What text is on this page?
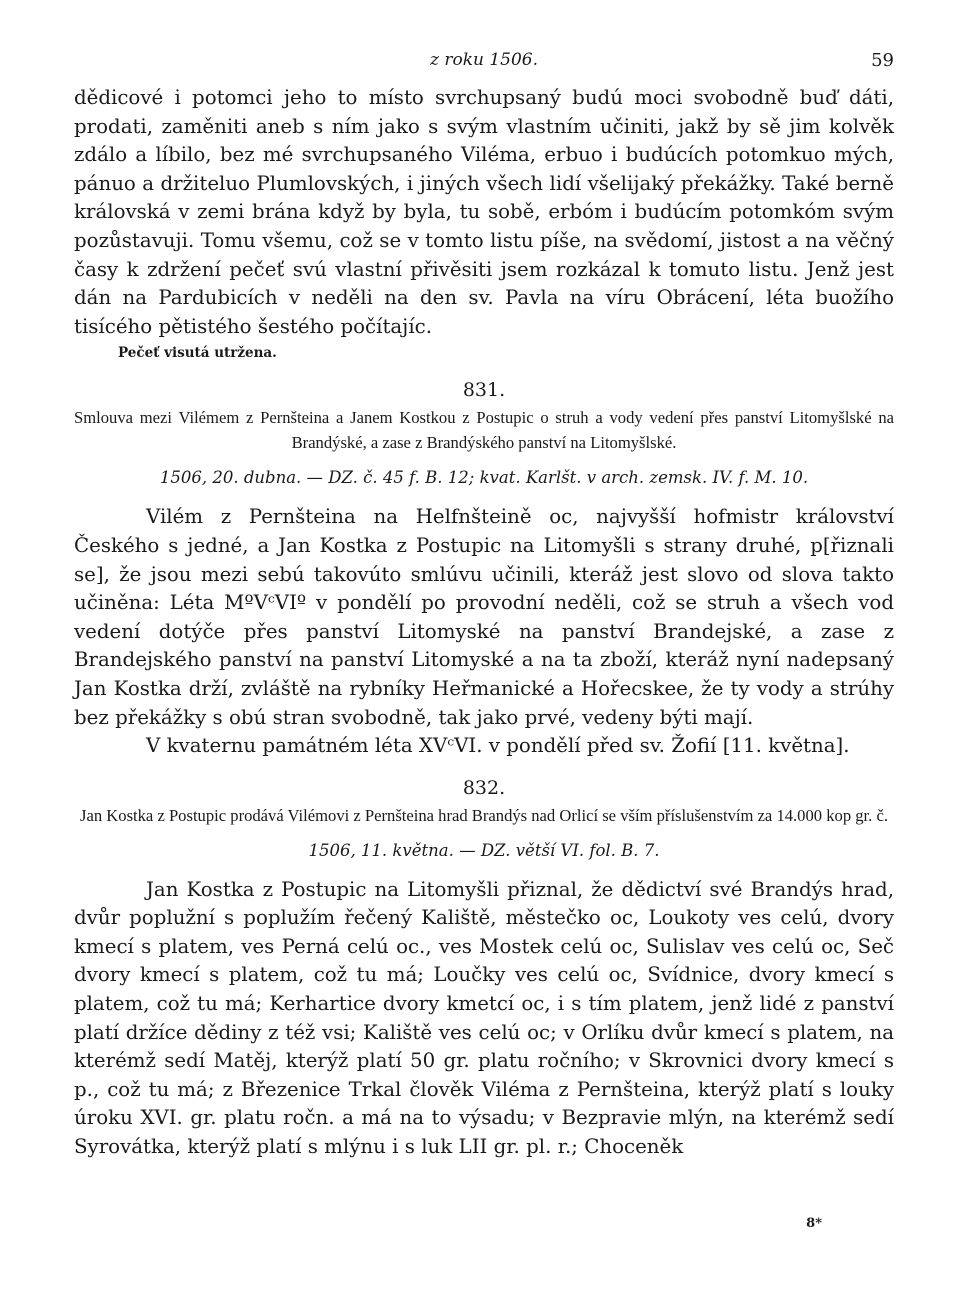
z roku 1506.	59

dědicové i potomci jeho to místo svrchupsaný budú moci svobodně buď dáti, prodati, zaměniti aneb s ním jako s svým vlastním učiniti, jakž by sě jim kolvěk zdálo a líbilo, bez mé svrchupsaného Viléma, erbuo i budúcích potomkuo mých, pánuo a držiteluo Plumlovských, i jiných všech lidí všelijaký překážky. Také berně královská v zemi brána když by byla, tu sobě, erbóm i budúcím potomkóm svým pozůstavuji. Tomu všemu, což se v tomto listu píše, na svědomí, jistost a na věčný časy k zdržení pečeť svú vlastní přivěsiti jsem rozkázal k tomuto listu. Jenž jest dán na Pardubicích v neděli na den sv. Pavla na víru Obrácení, léta buožího tisícého pětistého šestého počítajíc.

Pečeť visutá utržena.
831.

Smlouva mezi Vilémem z Pernšteina a Janem Kostkou z Postupic o struh a vody vedení přes panství Litomyšlské na Brandýské, a zase z Brandýského panství na Litomyšlské.

1506, 20. dubna. — DZ. č. 45 f. B. 12; kvat. Karlšt. v arch. zemsk. IV. f. M. 10.

Vilém z Pernšteina na Helfnšteině oc, najvyšší hofmistr království Českého s jedné, a Jan Kostka z Postupic na Litomyšli s strany druhé, p[řiznali se], že jsou mezi sebú takovúto smlúvu učinili, kteráž jest slovo od slova takto učiněna: Léta MºVᶜVIº v pondělí po provodní neděli, což se struh a všech vod vedení dotýče přes panství Litomyské na panství Brandejské, a zase z Brandejského panství na panství Litomyské a na ta zboží, kteráž nyní nadepsaný Jan Kostka drží, zvláště na rybníky Heřmanické a Hořecskee, že ty vody a strúhy bez překážky s obú stran svobodně, tak jako prvé, vedeny býti mají.

V kvaternu památném léta XVᶜVI. v pondělí před sv. Žofií [11. května].

832.

Jan Kostka z Postupic prodává Vilémovi z Pernšteina hrad Brandýs nad Orlicí se vším příslušenstvím za 14.000 kop gr. č.

1506, 11. května. — DZ. větší VI. fol. B. 7.

Jan Kostka z Postupic na Litomyšli přiznal, že dědictví své Brandýs hrad, dvůr poplužní s poplužím řečený Kaliště, městečko oc, Loukoty ves celú, dvory kmecí s platem, ves Perná celú oc., ves Mostek celú oc, Sulislav ves celú oc, Seč dvory kmecí s platem, což tu má; Loučky ves celú oc, Svídnice, dvory kmecí s platem, což tu má; Kerhartice dvory kmetcí oc, i s tím platem, jenž lidé z panství platí držíce dědiny z též vsi; Kaliště ves celú oc; v Orlíku dvůr kmecí s platem, na kterémž sedí Matěj, kterýž platí 50 gr. platu ročního; v Skrovnici dvory kmecí s p., což tu má; z Březenice Trkal člověk Viléma z Pernšteina, kterýž platí s louky úroku XVI. gr. platu ročn. a má na to výsadu; v Bezpravie mlýn, na kterémž sedí Syrovátka, kterýž platí s mlýnu i s luk LII gr. pl. r.; Choceněk

8*
